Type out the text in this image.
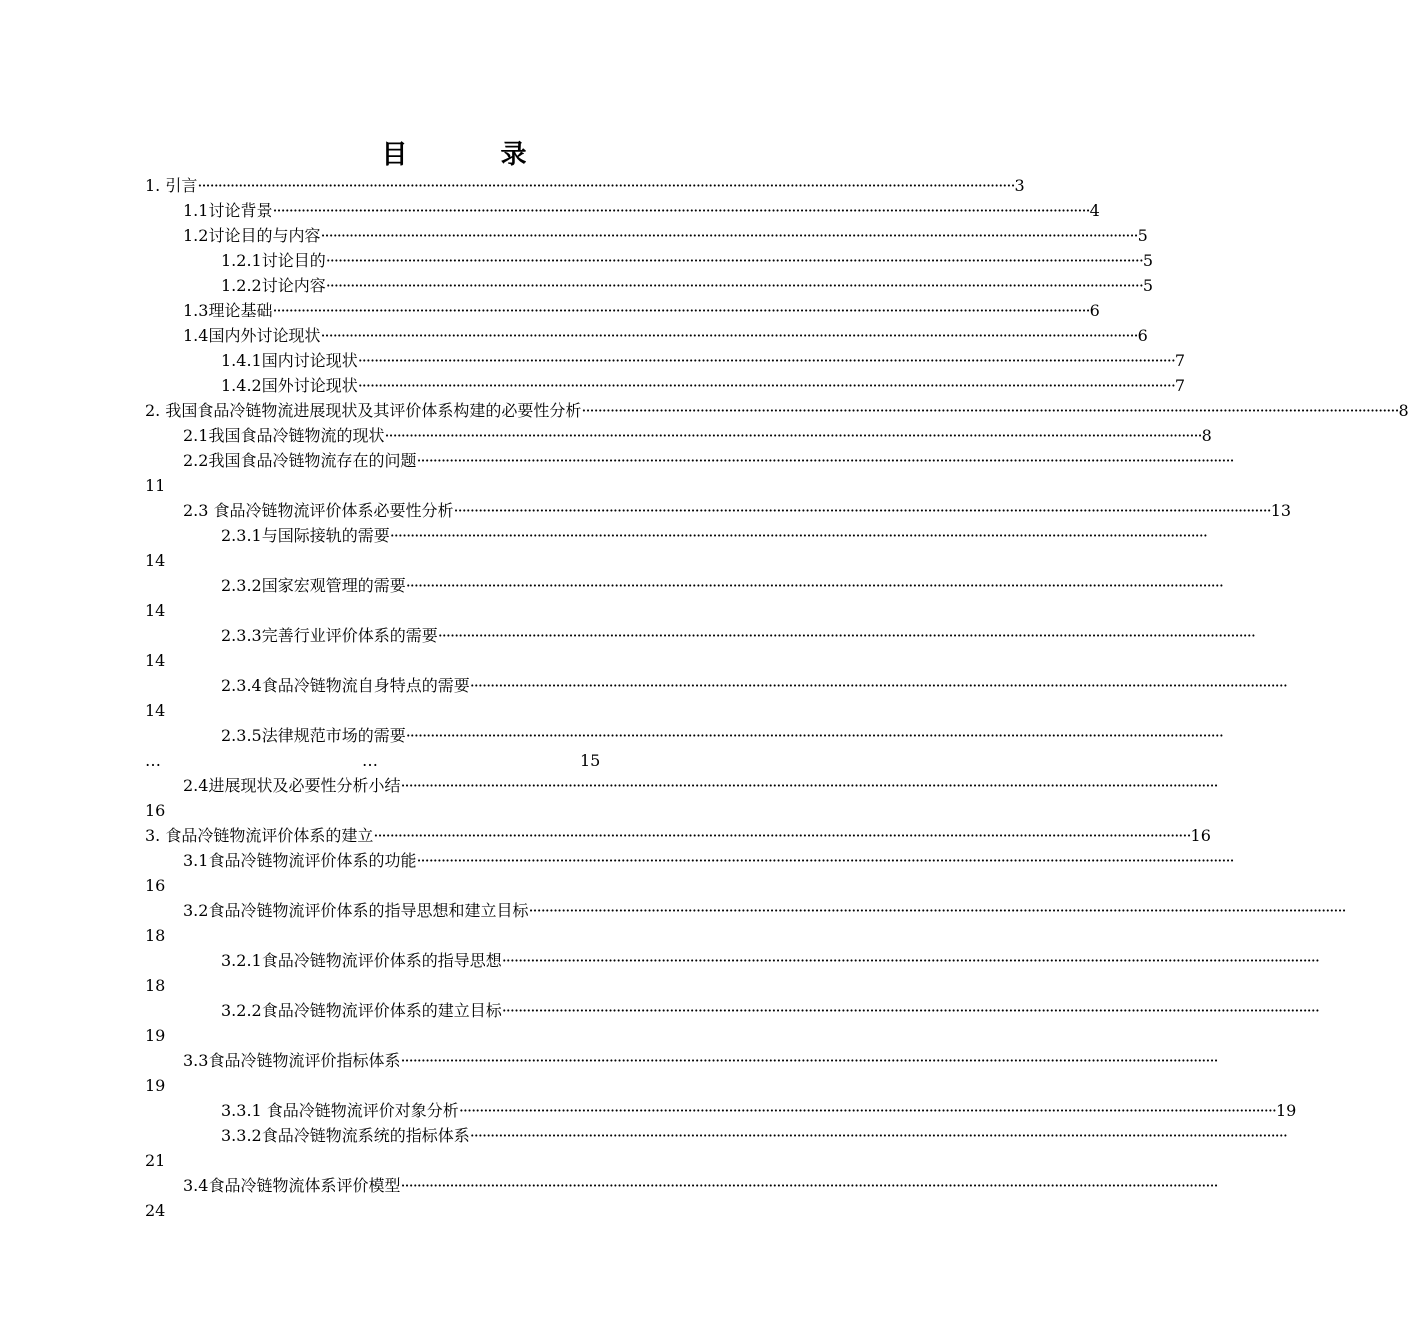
目 录
1. 引言 ········································································································································································································ 3
1.1讨论背景 ········································································································································································································ 4
1.2讨论目的与内容 ········································································································································································································ 5
1.2.1讨论目的 ········································································································································································································ 5
1.2.2讨论内容 ········································································································································································································ 5
1.3理论基础 ········································································································································································································ 6
1.4国内外讨论现状 ········································································································································································································ 6
1.4.1国内讨论现状 ········································································································································································································ 7
1.4.2国外讨论现状 ········································································································································································································ 7
2. 我国食品冷链物流进展现状及其评价体系构建的必要性分析 ········································································································································································································ 8
2.1我国食品冷链物流的现状 ········································································································································································································ 8
2.2我国食品冷链物流存在的问题 ········································································································································································································
11
2.3 食品冷链物流评价体系必要性分析 ········································································································································································································ 13
2.3.1与国际接轨的需要 ········································································································································································································
14
2.3.2国家宏观管理的需要 ········································································································································································································
14
2.3.3完善行业评价体系的需要 ········································································································································································································
14
2.3.4食品冷链物流自身特点的需要 ········································································································································································································
14
2.3.5法律规范市场的需要 ········································································································································································································
…	…	15
2.4进展现状及必要性分析小结 ········································································································································································································
16
3. 食品冷链物流评价体系的建立 ········································································································································································································ 16
3.1食品冷链物流评价体系的功能 ········································································································································································································
16
3.2食品冷链物流评价体系的指导思想和建立目标 ········································································································································································································
18
3.2.1食品冷链物流评价体系的指导思想 ········································································································································································································
18
3.2.2食品冷链物流评价体系的建立目标 ········································································································································································································
19
3.3食品冷链物流评价指标体系 ········································································································································································································
19
3.3.1 食品冷链物流评价对象分析 ········································································································································································································ 19
3.3.2食品冷链物流系统的指标体系 ········································································································································································································
21
3.4食品冷链物流体系评价模型 ········································································································································································································
24
